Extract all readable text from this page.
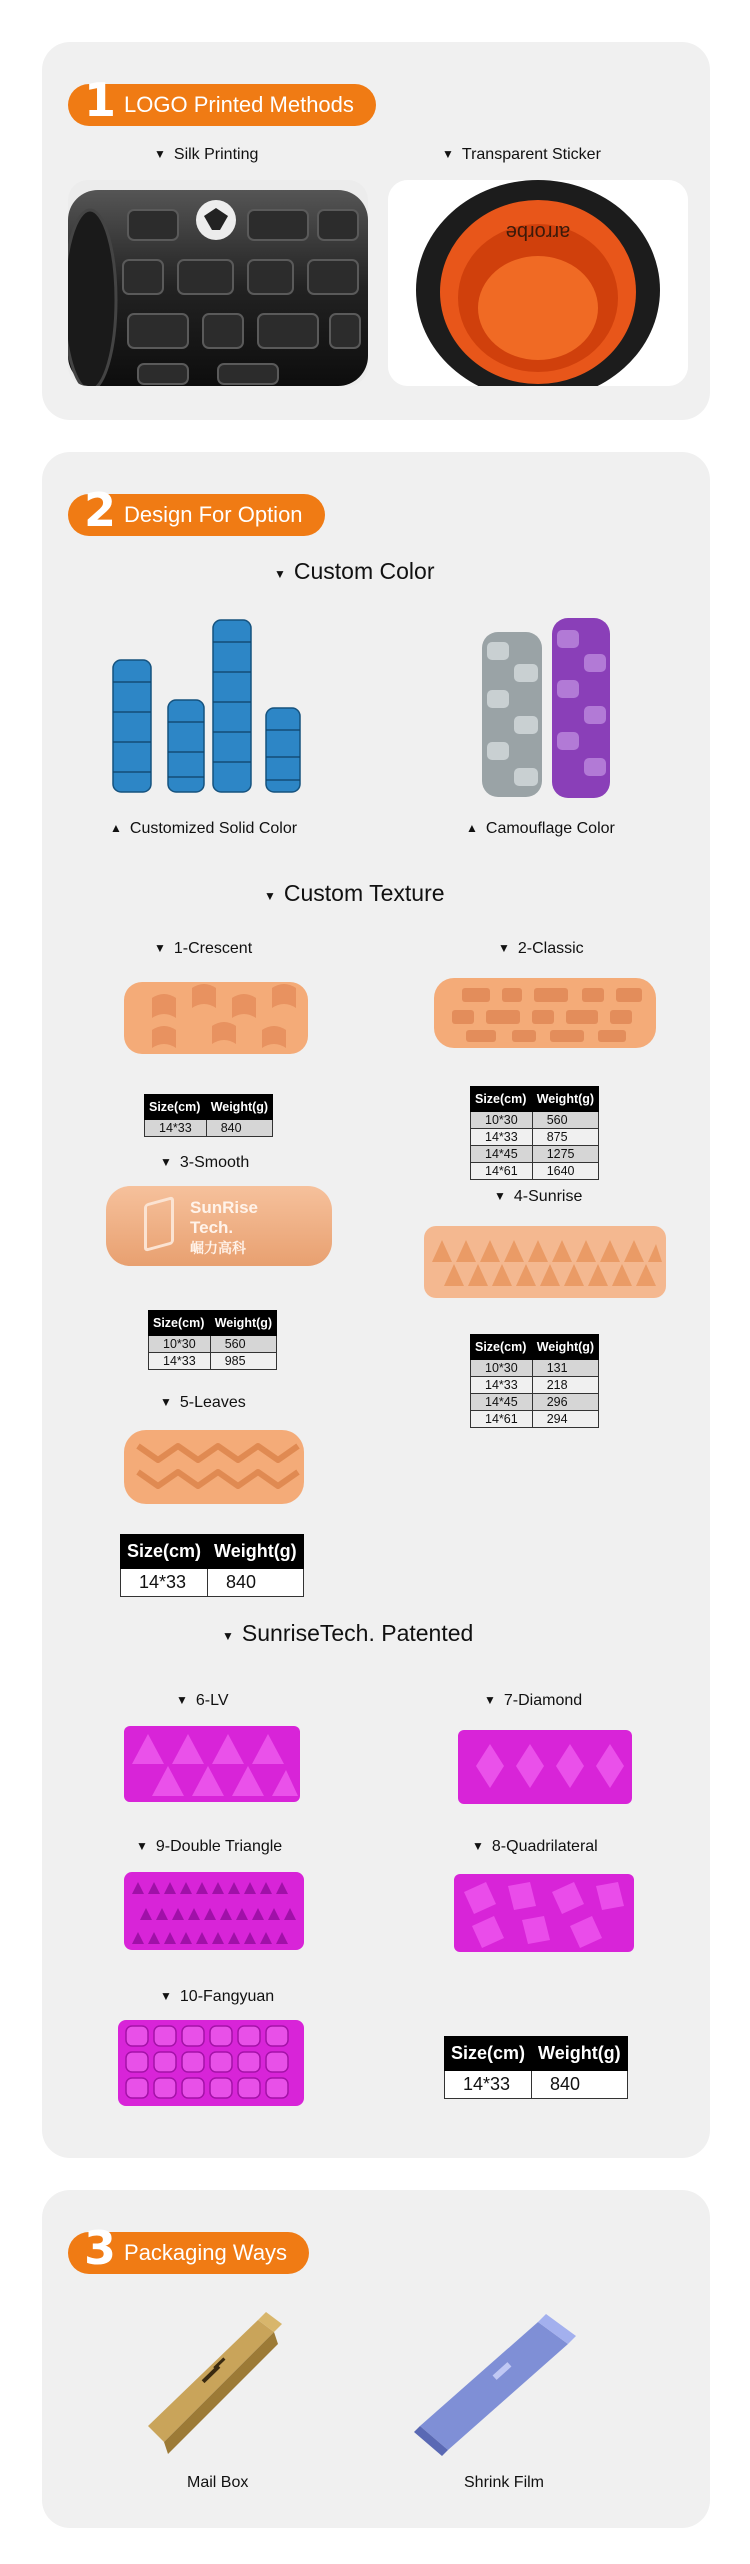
1 LOGO Printed Methods
▼ Silk Printing	▼ Transparent Sticker
arrorbe
2 Design For Option
▼ Custom Color
▲ Customized Solid Color	▲ Camouflage Color
▼ Custom Texture
▼ 1-Crescent
Size(cm)	Weight(g)
14*33	840
▼ 2-Classic
Size(cm)	Weight(g)
10*30	560
14*33	875
14*45	1275
14*61	1640
▼ 3-Smooth
SunRise
Tech.
崛力高科
Size(cm)	Weight(g)
10*30	560
14*33	985
▼ 4-Sunrise
Size(cm)	Weight(g)
10*30	131
14*33	218
14*45	296
14*61	294
▼ 5-Leaves
Size(cm)	Weight(g)
14*33	840
▼ SunriseTech. Patented
▼ 6-LV	▼ 7-Diamond
▼ 9-Double Triangle	▼ 8-Quadrilateral
▼ 10-Fangyuan
Size(cm)	Weight(g)
14*33	840
3 Packaging Ways
Mail Box	Shrink Film
